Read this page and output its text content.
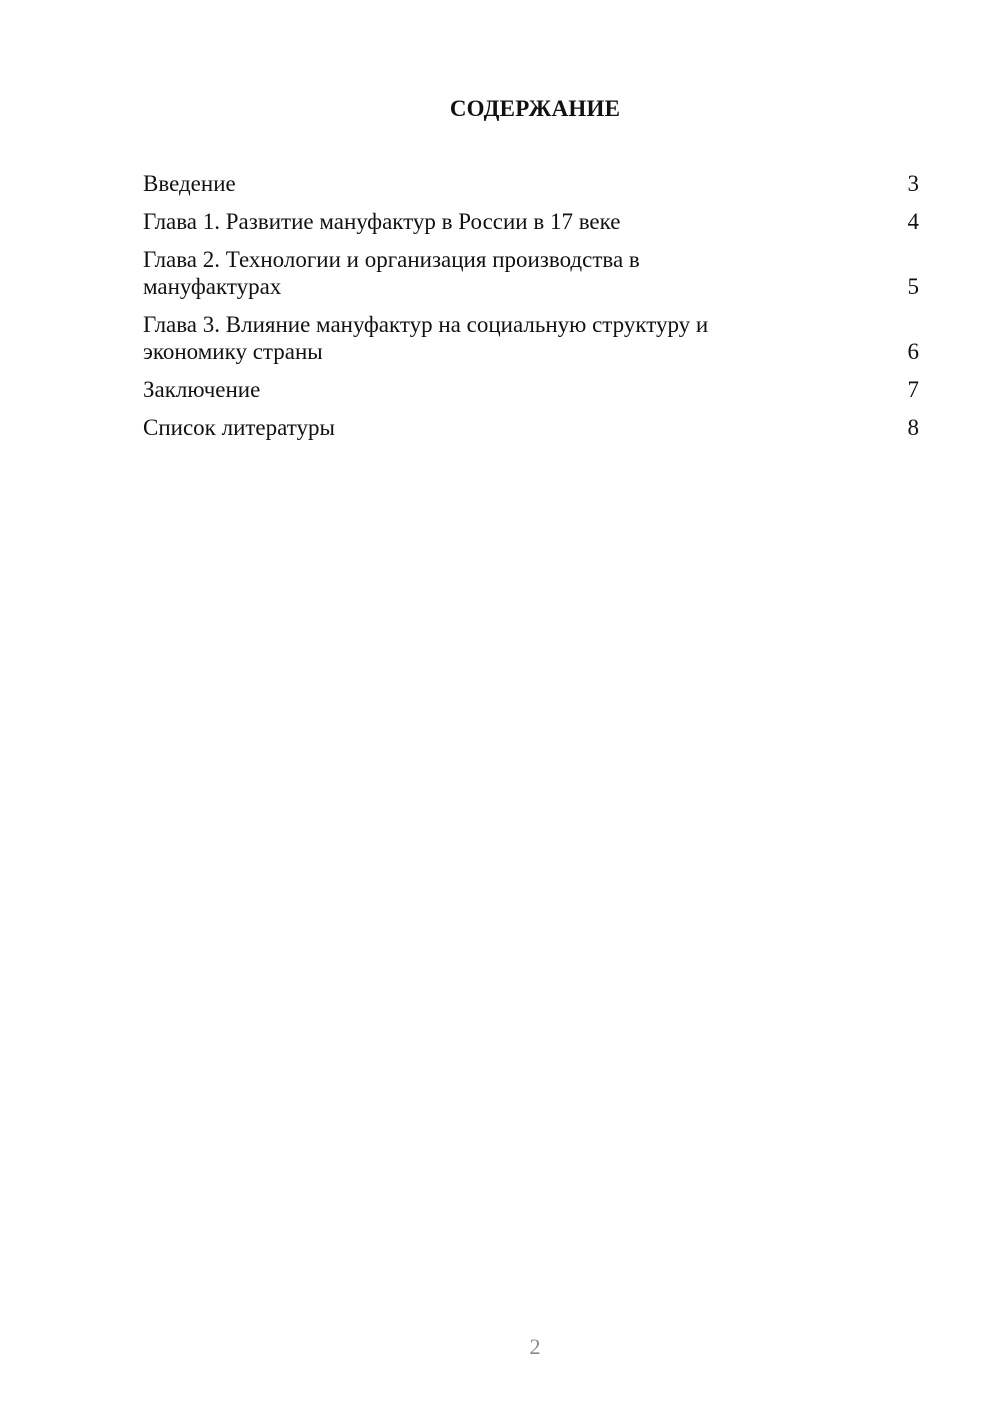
СОДЕРЖАНИЕ
Введение	3
Глава 1. Развитие мануфактур в России в 17 веке	4
Глава 2. Технологии и организация производства в
мануфактурах	5
Глава 3. Влияние мануфактур на социальную структуру и
экономику страны	6
Заключение	7
Список литературы	8
2
